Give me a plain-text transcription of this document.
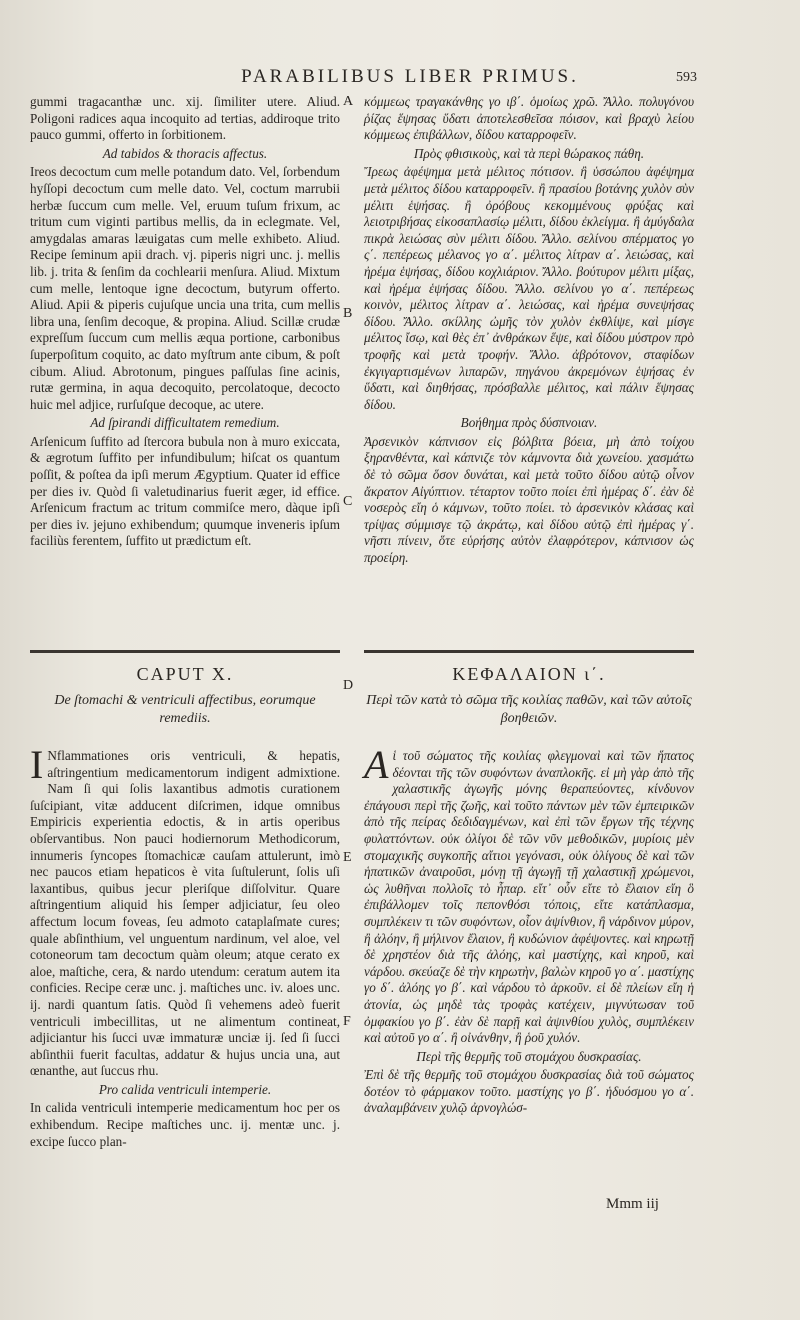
PARABILIBUS LIBER PRIMUS.	593
A
B
C
D
E
F

gummi tragacanthæ unc. xij. ſimiliter utere. Aliud. Poligoni radices aqua incoquito ad tertias, addiroque trito pauco gummi, offerto in ſorbitionem.

Ad tabidos & thoracis affectus.

Ireos decoctum cum melle potandum dato. Vel, ſorbendum hyſſopi decoctum cum melle dato. Vel, coctum marrubii herbæ ſuccum cum melle. Vel, eruum tuſum frixum, ac tritum cum viginti partibus mellis, da in eclegmate. Vel, amygdalas amaras læuigatas cum melle exhibeto. Aliud. Recipe ſeminum apii drach. vj. piperis nigri unc. j. mellis lib. j. trita & ſenſim da cochlearii menſura. Aliud. Mixtum cum melle, lentoque igne decoctum, butyrum offerto. Aliud. Apii & piperis cujuſque uncia una trita, cum mellis libra una, ſenſim decoque, & propina. Aliud. Scillæ crudæ expreſſum ſuccum cum mellis æqua portione, carbonibus ſuperpoſitum coquito, ac dato myſtrum ante cibum, & poſt cibum. Aliud. Abrotonum, pingues paſſulas ſine acinis, rutæ germina, in aqua decoquito, percolatoque, decocto huic mel adjice, rurſuſque decoque, ac utere.

Ad ſpirandi difficultatem remedium.

Arſenicum ſuffito ad ſtercora bubula non à muro exiccata, & ægrotum ſuffito per infundibulum; hiſcat os quantum poſſit, & poſtea da ipſi merum Ægyptium. Quater id effice per dies iv. Quòd ſi valetudinarius fuerit æger, id effice. Arſenicum fractum ac tritum commiſce mero, dàque ipſi per dies iv. jejuno exhibendum; quumque inveneris ipſum faciliùs ferentem, ſuffito ut prædictum eſt.

κόμμεως τραγακάνθης γο ιβ΄. ὁμοίως χρῶ. Ἄλλο. πολυγόνου ῥίζας ἕψησας ὕδατι ἀποτελεσθεῖσα πόισον, καὶ βραχὺ λείου κόμμεως ἐπιβάλλων, δίδου καταρροφεῖν.

Πρὸς φθισικοὺς, καὶ τὰ περὶ θώρακος πάθη.

Ἴρεως ἀφέψημα μετὰ μέλιτος πότισον. ἢ ὑσσώπου ἀφέψημα μετὰ μέλιτος δίδου καταρροφεῖν. ἢ πρασίου βοτάνης χυλὸν σὺν μέλιτι ἑψήσας. ἢ ὀρόβους κεκομμένους φρύξας καὶ λειοτριβήσας εἰκοσαπλασίῳ μέλιτι, δίδου ἐκλείγμα. ἢ ἀμύγδαλα πικρὰ λειώσας σὺν μέλιτι δίδου. Ἄλλο. σελίνου σπέρματος γο ς΄. πεπέρεως μέλανος γο α΄. μέλιτος λίτραν α΄. λειώσας, καὶ ἠρέμα ἑψήσας, δίδου κοχλιάριον. Ἄλλο. βούτυρον μέλιτι μίξας, καὶ ἠρέμα ἑψήσας δίδου. Ἄλλο. σελίνου γο α΄. πεπέρεως κοινὸν, μέλιτος λίτραν α΄. λειώσας, καὶ ἠρέμα συνεψήσας δίδου. Ἄλλο. σκίλλης ὠμῆς τὸν χυλὸν ἐκθλίψε, καὶ μίσγε μέλιτος ἴσῳ, καὶ θὲς ἐπ᾽ ἀνθράκων ἕψε, καὶ δίδου μύστρον πρὸ τροφῆς καὶ μετὰ τροφήν. Ἄλλο. ἀβρότονον, σταφίδων ἐκγιγαρτισμένων λιπαρῶν, πηγάνου ἀκρεμόνων ἑψήσας ἐν ὕδατι, καὶ διηθήσας, πρόσβαλλε μέλιτος, καὶ πάλιν ἕψησας δίδου.

Βοήθημα πρὸς δύσπνοιαν.

Ἀρσενικὸν κάπνισον εἰς βόλβιτα βόεια, μὴ ἀπὸ τοίχου ξηρανθέντα, καὶ κάπνιζε τὸν κάμνοντα διὰ χωνείου. χασμάτω δὲ τὸ σῶμα ὅσον δυνάται, καὶ μετὰ τοῦτο δίδου αὐτῷ οἶνον ἄκρατον Αἰγύπτιον. τέταρτον τοῦτο ποίει ἐπὶ ἡμέρας δ΄. ἐὰν δὲ νοσερὸς εἴη ὁ κάμνων, τοῦτο ποίει. τὸ ἀρσενικὸν κλάσας καὶ τρίψας σύμμισγε τῷ ἀκράτῳ, καὶ δίδου αὐτῷ ἐπὶ ἡμέρας γ΄. νῆστι πίνειν, ὅτε εὑρήσης αὐτὸν ἐλαφρότερον, κάπνισον ὡς προείρη.

CAPUT X.	ΚΕΦΑΛΑΙΟΝ ι΄.
De ſtomachi & ventriculi affectibus, eorumque remediis.
Περὶ τῶν κατὰ τὸ σῶμα τῆς κοιλίας παθῶν, καὶ τῶν αὐτοῖς βοηθειῶν.

INflammationes oris ventriculi, & hepatis, aſtringentium medicamentorum indigent admixtione. Nam ſi qui ſolis laxantibus admotis curationem ſuſcipiant, vitæ adducent diſcrimen, idque omnibus Empiricis experientia edoctis, & in artis operibus obſervantibus. Non pauci hodiernorum Methodicorum, innumeris ſyncopes ſtomachicæ cauſam attulerunt, imò nec paucos etiam hepaticos è vita ſuſtulerunt, ſolis uſi laxantibus, quibus jecur pleriſque diſſolvitur. Quare aſtringentium aliquid his ſemper adjiciatur, ſeu oleo affectum locum foveas, ſeu admoto cataplaſmate cures; quale abſinthium, vel unguentum nardinum, vel aloe, vel cotoneorum tam decoctum quàm oleum; atque cerato ex aloe, maſtiche, cera, & nardo utendum: ceratum autem ita conficies. Recipe ceræ unc. j. maſtiches unc. iv. aloes unc. ij. nardi quantum ſatis. Quòd ſi vehemens adeò fuerit ventriculi imbecillitas, ut ne alimentum contineat, adjiciantur his ſucci uvæ immaturæ unciæ ij. ſed ſi ſucci abſinthii fuerit facultas, addatur & hujus uncia una, aut œnanthe, aut ſuccus rhu.

Pro calida ventriculi intemperie.

In calida ventriculi intemperie medicamentum hoc per os exhibendum. Recipe maſtiches unc. ij. mentæ unc. j. excipe ſucco plan-

Αἱ τοῦ σώματος τῆς κοιλίας φλεγμοναὶ καὶ τῶν ἥπατος δέονται τῆς τῶν συφόντων ἀναπλοκῆς. εἰ μὴ γὰρ ἀπὸ τῆς χαλαστικῆς ἀγωγῆς μόνης θεραπεύοντες, κίνδυνον ἐπάγουσι περὶ τῆς ζωῆς, καὶ τοῦτο πάντων μὲν τῶν ἐμπειρικῶν ἀπὸ τῆς πείρας δεδιδαγμένων, καὶ ἐπὶ τῶν ἔργων τῆς τέχνης φυλαττόντων. οὐκ ὀλίγοι δὲ τῶν νῦν μεθοδικῶν, μυρίοις μὲν στομαχικῆς συγκοπῆς αἴτιοι γεγόνασι, οὐκ ὀλίγους δὲ καὶ τῶν ἡπατικῶν ἀναιροῦσι, μόνῃ τῇ ἀγωγῇ τῇ χαλαστικῇ χρώμενοι, ὡς λυθῆναι πολλοῖς τὸ ἧπαρ. εἴτ᾽ οὖν εἴτε τὸ ἔλαιον εἴη ὃ ἐπιβάλλομεν τοῖς πεπονθόσι τόποις, εἴτε κατάπλασμα, συμπλέκειν τι τῶν συφόντων, οἷον ἀψίνθιον, ἢ νάρδινον μύρον, ἢ ἀλόην, ἢ μήλινον ἔλαιον, ἢ κυδώνιον ἀφέψοντες. καὶ κηρωτῇ δὲ χρηστέον διὰ τῆς ἀλόης, καὶ μαστίχης, καὶ κηροῦ, καὶ νάρδου. σκεύαζε δὲ τὴν κηρωτὴν, βαλὼν κηροῦ γο α΄. μαστίχης γο δ΄. ἀλόης γο β΄. καὶ νάρδου τὸ ἀρκοῦν. εἰ δὲ πλείων εἴη ἡ ἀτονία, ὡς μηδὲ τὰς τροφὰς κατέχειν, μιγνύτωσαν τοῦ ὀμφακίου γο β΄. ἐὰν δὲ παρῇ καὶ ἀψινθίου χυλὸς, συμπλέκειν καὶ αὐτοῦ γο α΄. ἢ οἰνάνθην, ἢ ῥοῦ χυλόν.

Περὶ τῆς θερμῆς τοῦ στομάχου δυσκρασίας.

Ἐπὶ δὲ τῆς θερμῆς τοῦ στομάχου δυσκρασίας διὰ τοῦ σώματος δοτέον τὸ φάρμακον τοῦτο. μαστίχης γο β΄. ἡδυόσμου γο α΄. ἀναλαμβάνειν χυλῷ ἀρνογλώσ-

Mmm iij
